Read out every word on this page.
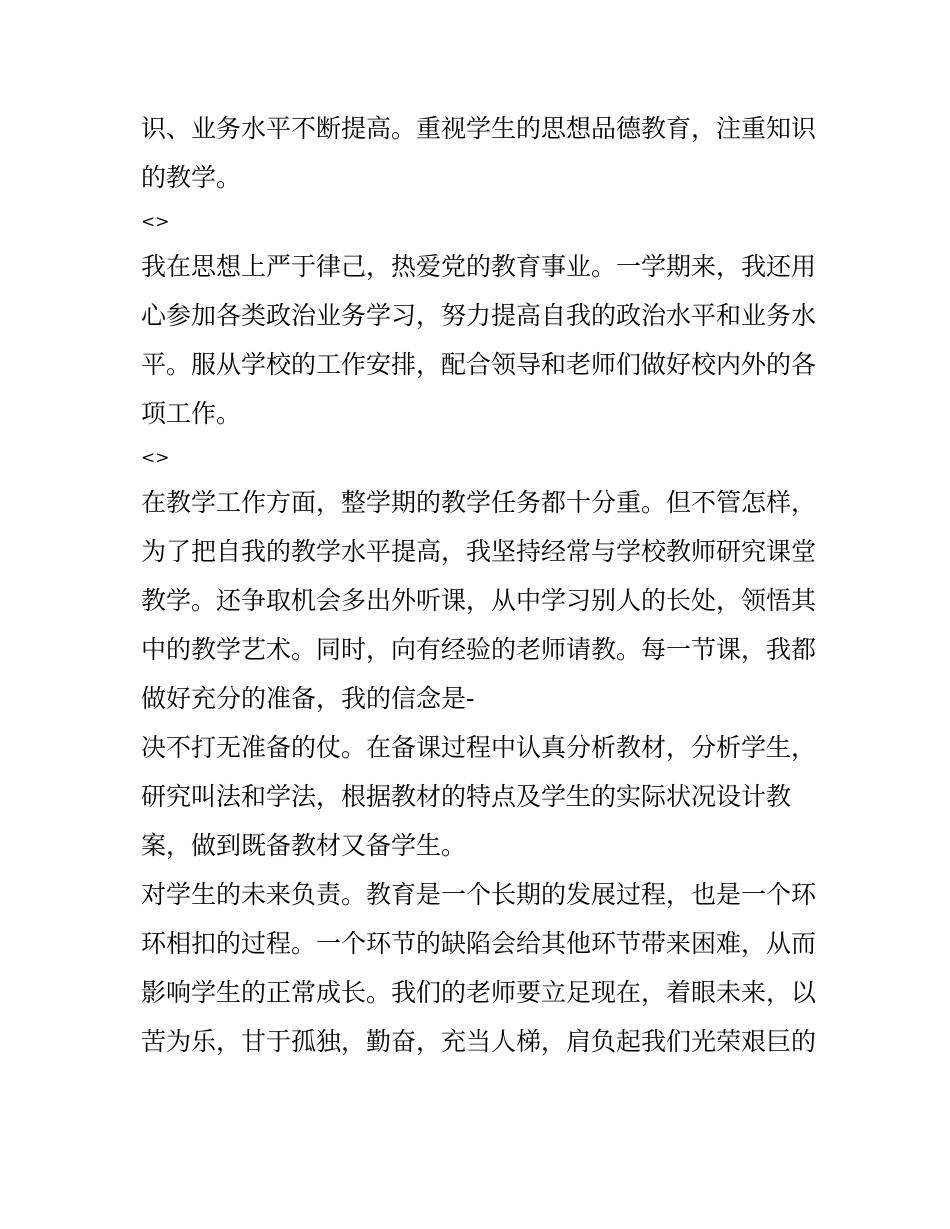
识、业务水平不断提高。重视学生的思想品德教育，注重知识
的教学。
<>
我在思想上严于律己，热爱党的教育事业。一学期来，我还用
心参加各类政治业务学习，努力提高自我的政治水平和业务水
平。服从学校的工作安排，配合领导和老师们做好校内外的各
项工作。
<>
在教学工作方面，整学期的教学任务都十分重。但不管怎样，
为了把自我的教学水平提高，我坚持经常与学校教师研究课堂
教学。还争取机会多出外听课，从中学习别人的长处，领悟其
中的教学艺术。同时，向有经验的老师请教。每一节课，我都
做好充分的准备，我的信念是-
决不打无准备的仗。在备课过程中认真分析教材，分析学生，
研究叫法和学法，根据教材的特点及学生的实际状况设计教
案，做到既备教材又备学生。
对学生的未来负责。教育是一个长期的发展过程，也是一个环
环相扣的过程。一个环节的缺陷会给其他环节带来困难，从而
影响学生的正常成长。我们的老师要立足现在，着眼未来，以
苦为乐，甘于孤独，勤奋，充当人梯，肩负起我们光荣艰巨的
